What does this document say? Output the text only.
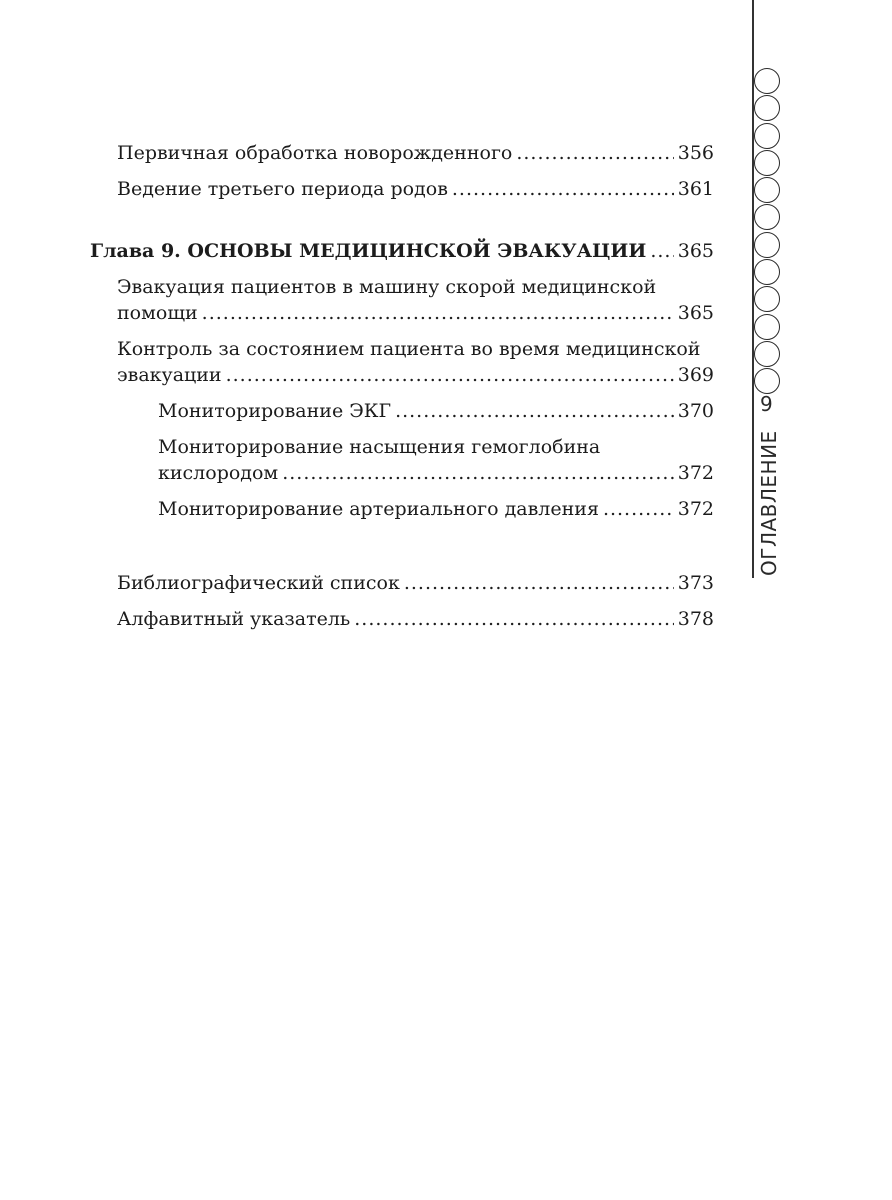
Первичная обработка новорожденного .....	356
Ведение третьего периода родов .....	361
Глава 9. ОСНОВЫ МЕДИЦИНСКОЙ ЭВАКУАЦИИ ..... 365
Эвакуация пациентов в машину скорой медицинской
помощи .....	365
Контроль за состоянием пациента во время медицинской
эвакуации .....	369
Мониторирование ЭКГ .....	370
Мониторирование насыщения гемоглобина
кислородом .....	372
Мониторирование артериального давления .....	372
Библиографический список .....	373
Алфавитный указатель .....	378
9
ОГЛАВЛЕНИЕ
